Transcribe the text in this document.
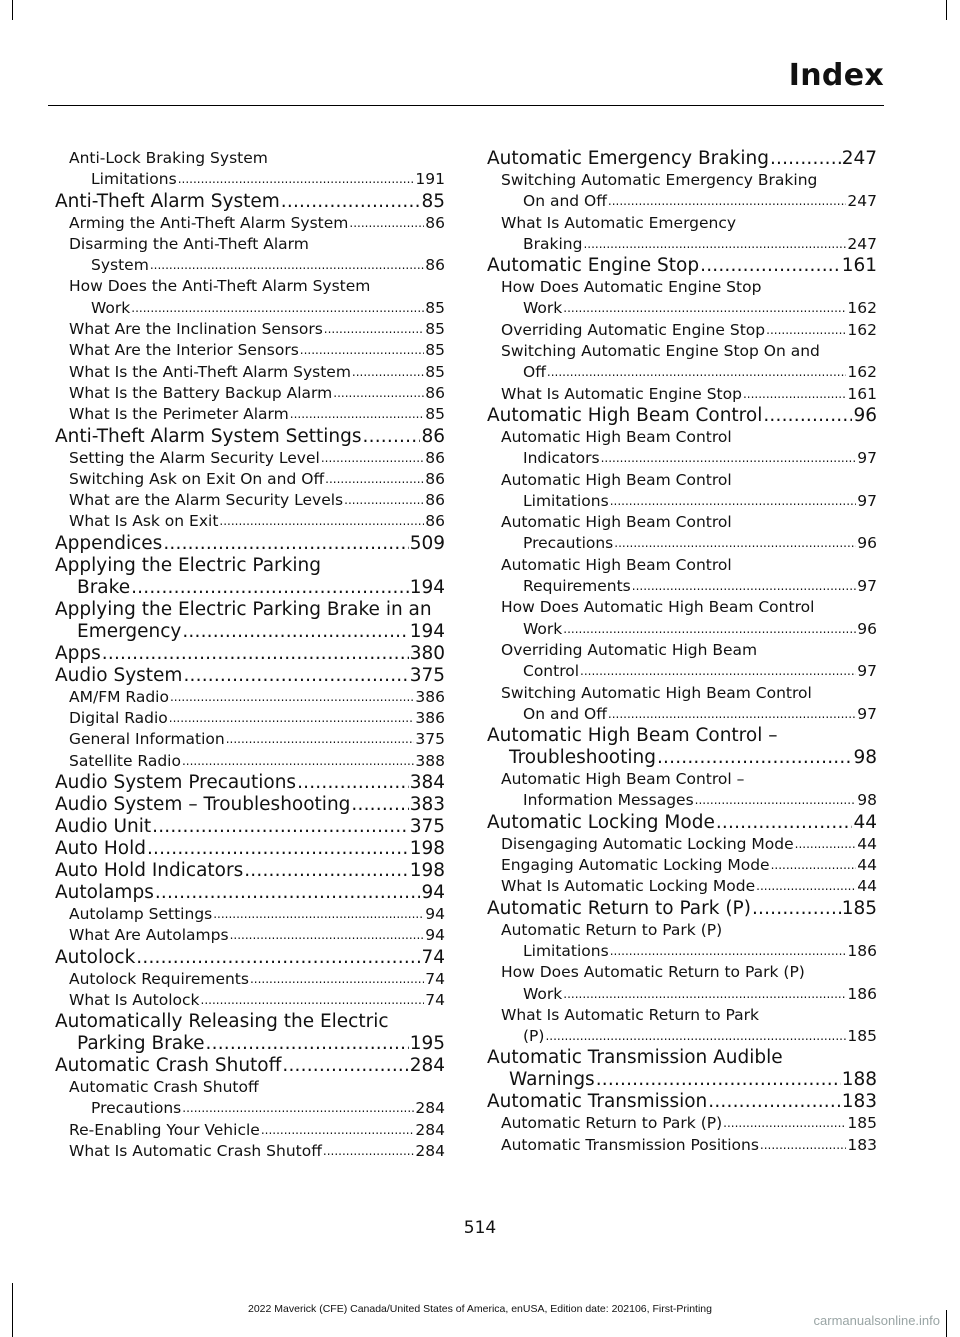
Index
Anti-Lock Braking System
Limitations .....	191
Anti-Theft Alarm System .....	85
Arming the Anti-Theft Alarm System .....	86
Disarming the Anti-Theft Alarm
System .....	86
How Does the Anti-Theft Alarm System
Work .....	85
What Are the Inclination Sensors .....	85
What Are the Interior Sensors .....	85
What Is the Anti-Theft Alarm System .....	85
What Is the Battery Backup Alarm .....	86
What Is the Perimeter Alarm .....	85
Anti-Theft Alarm System Settings .....	86
Setting the Alarm Security Level .....	86
Switching Ask on Exit On and Off .....	86
What are the Alarm Security Levels .....	86
What Is Ask on Exit .....	86
Appendices .....	509
Applying the Electric Parking
Brake .....	194
Applying the Electric Parking Brake in an
Emergency .....	194
Apps .....	380
Audio System .....	375
AM/FM Radio .....	386
Digital Radio .....	386
General Information .....	375
Satellite Radio .....	388
Audio System Precautions .....	384
Audio System – Troubleshooting .....	383
Audio Unit .....	375
Auto Hold .....	198
Auto Hold Indicators .....	198
Autolamps .....	94
Autolamp Settings .....	94
What Are Autolamps .....	94
Autolock .....	74
Autolock Requirements .....	74
What Is Autolock .....	74
Automatically Releasing the Electric
Parking Brake .....	195
Automatic Crash Shutoff .....	284
Automatic Crash Shutoff
Precautions .....	284
Re-Enabling Your Vehicle .....	284
What Is Automatic Crash Shutoff .....	284
Automatic Emergency Braking .....	247
Switching Automatic Emergency Braking
On and Off .....	247
What Is Automatic Emergency
Braking .....	247
Automatic Engine Stop .....	161
How Does Automatic Engine Stop
Work .....	162
Overriding Automatic Engine Stop .....	162
Switching Automatic Engine Stop On and
Off .....	162
What Is Automatic Engine Stop .....	161
Automatic High Beam Control .....	96
Automatic High Beam Control
Indicators .....	97
Automatic High Beam Control
Limitations .....	97
Automatic High Beam Control
Precautions .....	96
Automatic High Beam Control
Requirements .....	97
How Does Automatic High Beam Control
Work .....	96
Overriding Automatic High Beam
Control .....	97
Switching Automatic High Beam Control
On and Off .....	97
Automatic High Beam Control –
Troubleshooting .....	98
Automatic High Beam Control –
Information Messages .....	98
Automatic Locking Mode .....	44
Disengaging Automatic Locking Mode .....	44
Engaging Automatic Locking Mode .....	44
What Is Automatic Locking Mode .....	44
Automatic Return to Park (P) .....	185
Automatic Return to Park (P)
Limitations .....	186
How Does Automatic Return to Park (P)
Work .....	186
What Is Automatic Return to Park
(P) .....	185
Automatic Transmission Audible
Warnings .....	188
Automatic Transmission .....	183
Automatic Return to Park (P) .....	185
Automatic Transmission Positions .....	183
514
2022 Maverick (CFE) Canada/United States of America, enUSA, Edition date: 202106, First-Printing
carmanualsonline.info
